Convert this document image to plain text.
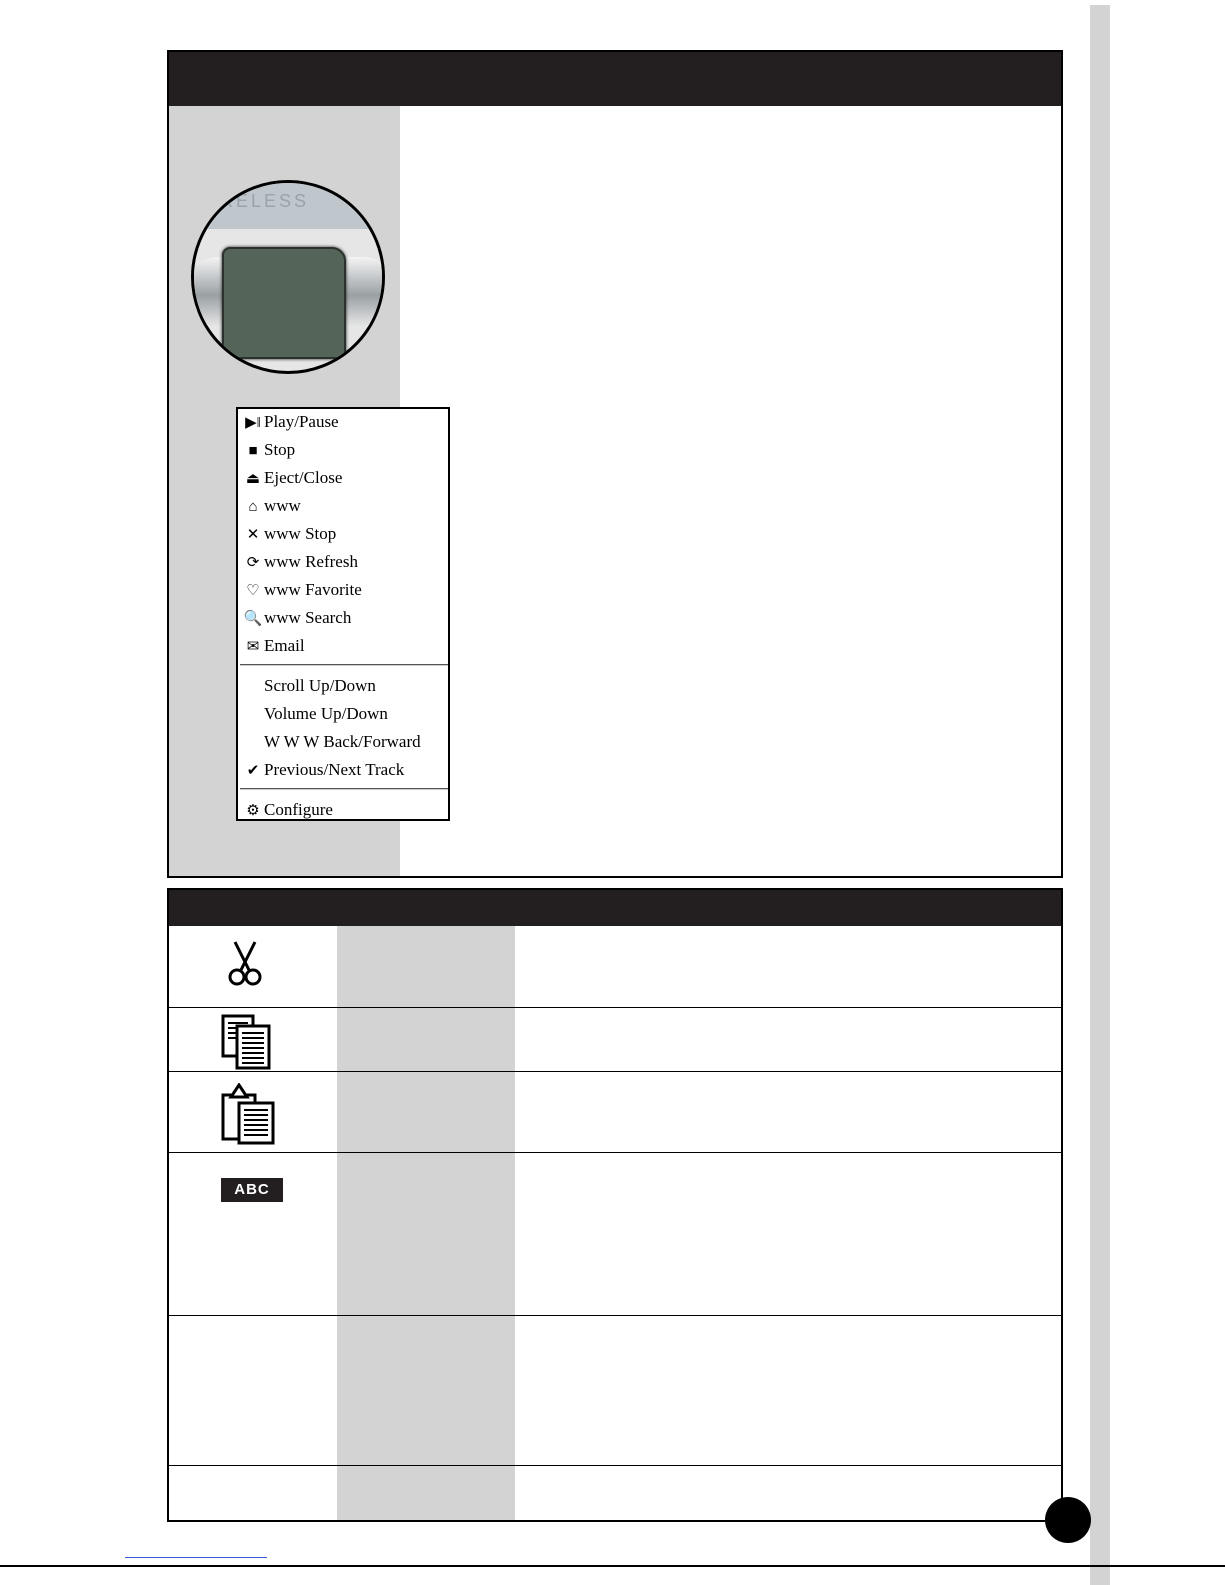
IRELESS
▶‖ Play/Pause
■ Stop
⏏ Eject/Close
⌂ www
✕ www Stop
⟳ www Refresh
♡ www Favorite
🔍www Search
✉ Email
Scroll Up/Down
Volume Up/Down
W W W Back/Forward
✔ Previous/Next Track
⚙ Configure
ABC
